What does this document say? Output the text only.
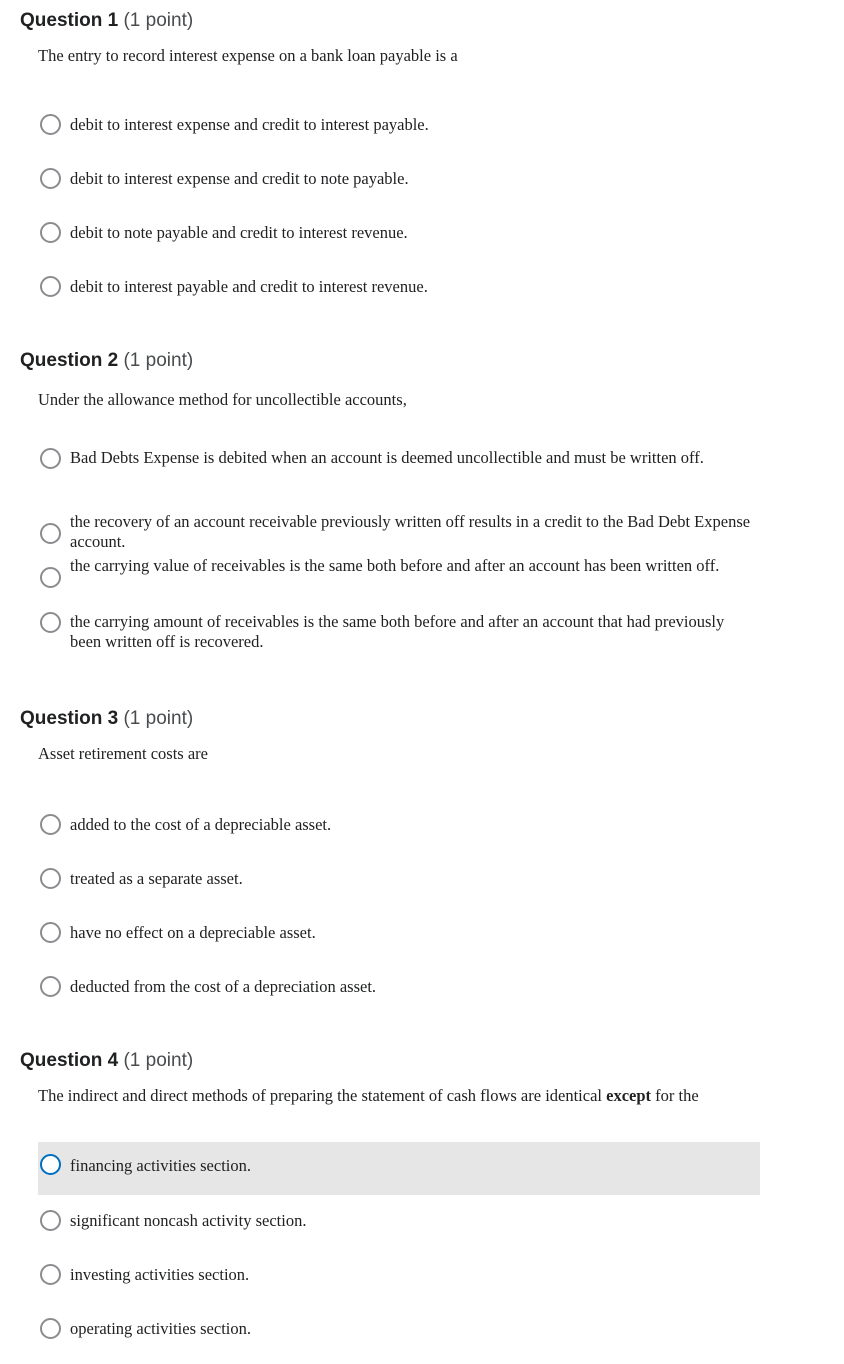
Question 1 (1 point)
The entry to record interest expense on a bank loan payable is a
debit to interest expense and credit to interest payable.
debit to interest expense and credit to note payable.
debit to note payable and credit to interest revenue.
debit to interest payable and credit to interest revenue.
Question 2 (1 point)
Under the allowance method for uncollectible accounts,
Bad Debts Expense is debited when an account is deemed uncollectible and must be written off.
the recovery of an account receivable previously written off results in a credit to the Bad Debt Expense account.
the carrying value of receivables is the same both before and after an account has been written off.
the carrying amount of receivables is the same both before and after an account that had previously been written off is recovered.
Question 3 (1 point)
Asset retirement costs are
added to the cost of a depreciable asset.
treated as a separate asset.
have no effect on a depreciable asset.
deducted from the cost of a depreciation asset.
Question 4 (1 point)
The indirect and direct methods of preparing the statement of cash flows are identical except for the
financing activities section.
significant noncash activity section.
investing activities section.
operating activities section.
